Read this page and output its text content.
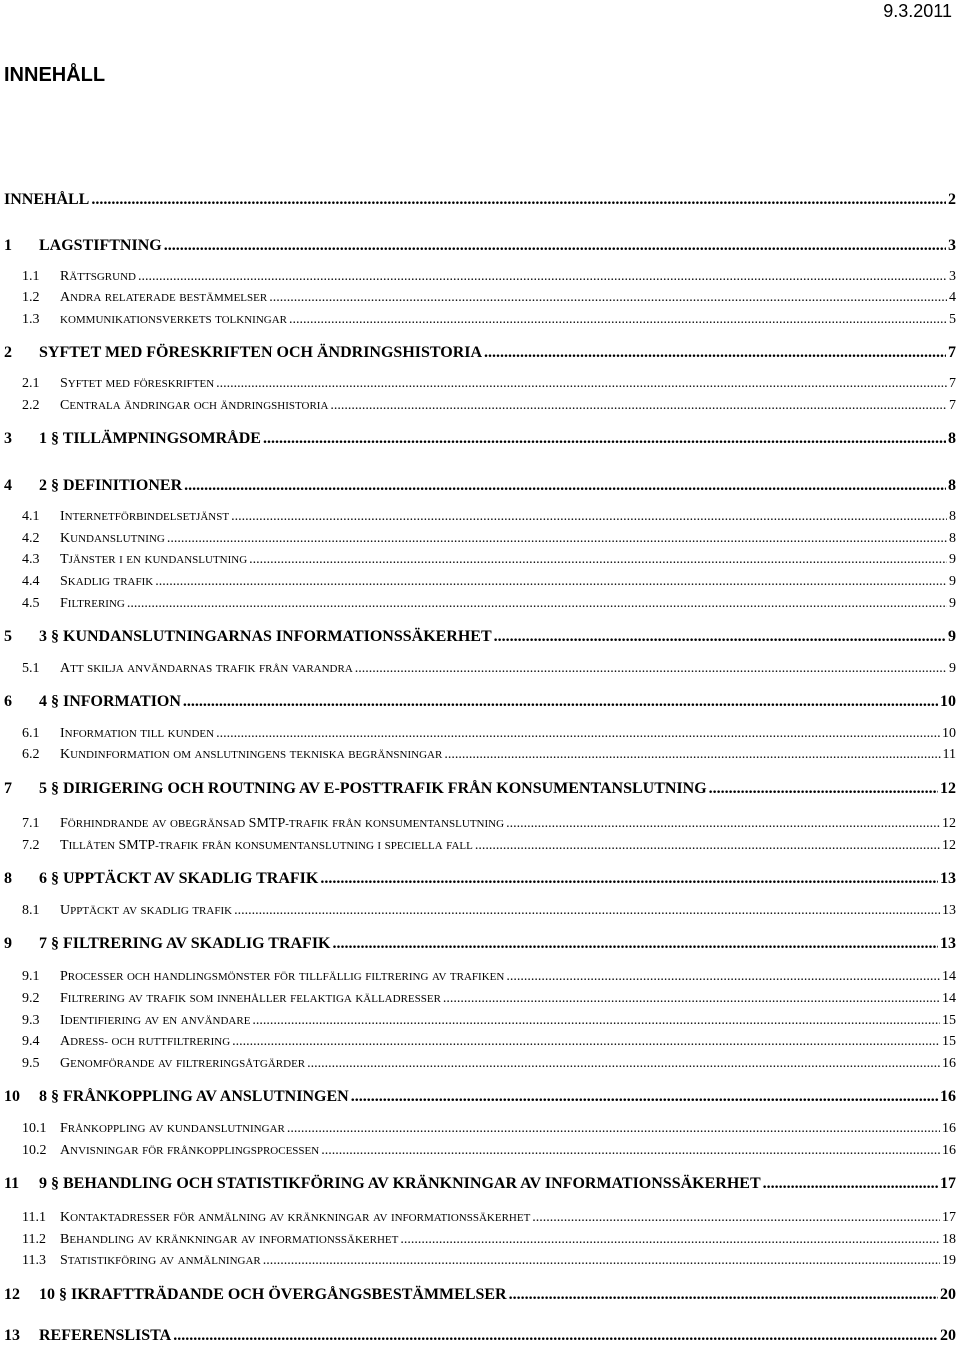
9.3.2011
INNEHÅLL
INNEHÅLL .....	2
1	LAGSTIFTNING .....	3
1.1	RÄTTSGRUND .....	3
1.2	ANDRA RELATERADE BESTÄMMELSER .....	4
1.3	KOMMUNIKATIONSVERKETS TOLKNINGAR .....	5
2	SYFTET MED FÖRESKRIFTEN OCH ÄNDRINGSHISTORIA .....	7
2.1	SYFTET MED FÖRESKRIFTEN .....	7
2.2	CENTRALA ÄNDRINGAR OCH ÄNDRINGSHISTORIA .....	7
3	1 § TILLÄMPNINGSOMRÅDE .....	8
4	2 § DEFINITIONER .....	8
4.1	INTERNETFÖRBINDELSETJÄNST .....	8
4.2	KUNDANSLUTNING .....	8
4.3	TJÄNSTER I EN KUNDANSLUTNING .....	9
4.4	SKADLIG TRAFIK .....	9
4.5	FILTRERING .....	9
5	3 § KUNDANSLUTNINGARNAS INFORMATIONSSÄKERHET .....	9
5.1	ATT SKILJA ANVÄNDARNAS TRAFIK FRÅN VARANDRA .....	9
6	4 § INFORMATION .....	10
6.1	INFORMATION TILL KUNDEN .....	10
6.2	KUNDINFORMATION OM ANSLUTNINGENS TEKNISKA BEGRÄNSNINGAR .....	11
7	5 § DIRIGERING OCH ROUTNING AV E-POSTTRAFIK FRÅN KONSUMENTANSLUTNING .....	12
7.1	FÖRHINDRANDE AV OBEGRÄNSAD SMTP-TRAFIK FRÅN KONSUMENTANSLUTNING .....	12
7.2	TILLÅTEN SMTP-TRAFIK FRÅN KONSUMENTANSLUTNING I SPECIELLA FALL .....	12
8	6 § UPPTÄCKT AV SKADLIG TRAFIK .....	13
8.1	UPPTÄCKT AV SKADLIG TRAFIK .....	13
9	7 § FILTRERING AV SKADLIG TRAFIK .....	13
9.1	PROCESSER OCH HANDLINGSMÖNSTER FÖR TILLFÄLLIG FILTRERING AV TRAFIKEN .....	14
9.2	FILTRERING AV TRAFIK SOM INNEHÅLLER FELAKTIGA KÄLLADRESSER .....	14
9.3	IDENTIFIERING AV EN ANVÄNDARE .....	15
9.4	ADRESS- OCH RUTTFILTRERING .....	15
9.5	GENOMFÖRANDE AV FILTRERINGSÅTGÄRDER .....	16
10	8 § FRÅNKOPPLING AV ANSLUTNINGEN .....	16
10.1 FRÅNKOPPLING AV KUNDANSLUTNINGAR .....	16
10.2 ANVISNINGAR FÖR FRÅNKOPPLINGSPROCESSEN .....	16
11	9 § BEHANDLING OCH STATISTIKFÖRING AV KRÄNKNINGAR AV INFORMATIONSSÄKERHET .....	17
11.1	KONTAKTADRESSER FÖR ANMÄLNING AV KRÄNKNINGAR AV INFORMATIONSSÄKERHET .....	17
11.2	BEHANDLING AV KRÄNKNINGAR AV INFORMATIONSSÄKERHET .....	18
11.3	STATISTIKFÖRING AV ANMÄLNINGAR .....	19
12	10 § IKRAFTTRÄDANDE OCH ÖVERGÅNGSBESTÄMMELSER .....	20
13	REFERENSLISTA .....	20
